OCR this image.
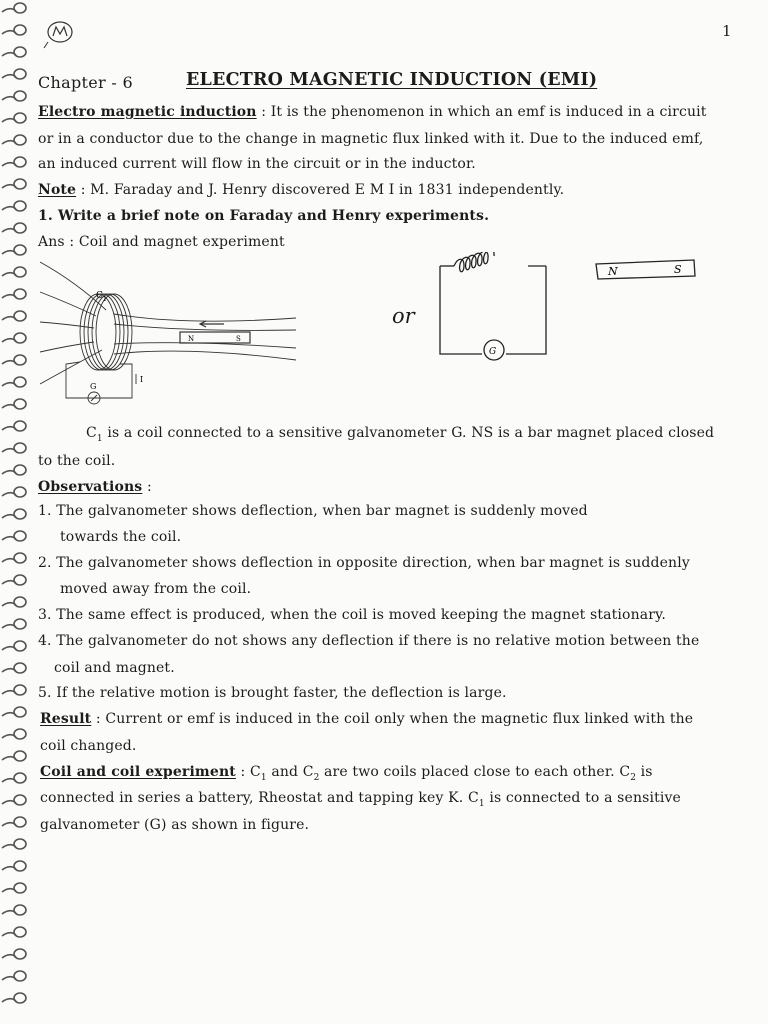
1
Chapter - 6	ELECTRO MAGNETIC INDUCTION (EMI)
Electro magnetic induction : It is the phenomenon in which an emf is induced in a circuit
or in a conductor due to the change in magnetic flux linked with it. Due to the induced emf,
an induced current will flow in the circuit or in the inductor.
Note : M. Faraday and J. Henry discovered E M I in 1831 independently.
1. Write a brief note on Faraday and Henry experiments.
Ans : Coil and magnet experiment
C 1
N	S
G
I
or
G
N	S
$C_1$ is a coil connected to a sensitive galvanometer G. NS is a bar magnet placed closed
to the coil.
Observations :
1. The galvanometer shows deflection, when bar magnet is suddenly moved
towards the coil.
2. The galvanometer shows deflection in opposite direction, when bar magnet is suddenly
moved away from the coil.
3. The same effect is produced, when the coil is moved keeping the magnet stationary.
4. The galvanometer do not shows any deflection if there is no relative motion between the
coil and magnet.
5. If the relative motion is brought faster, the deflection is large.
Result : Current or emf is induced in the coil only when the magnetic flux linked with the
coil changed.
Coil and coil experiment : $C_1$ and $C_2$ are two coils placed close to each other. $C_2$ is
connected in series a battery, Rheostat and tapping key K. $C_1$ is connected to a sensitive
galvanometer (G) as shown in figure.
